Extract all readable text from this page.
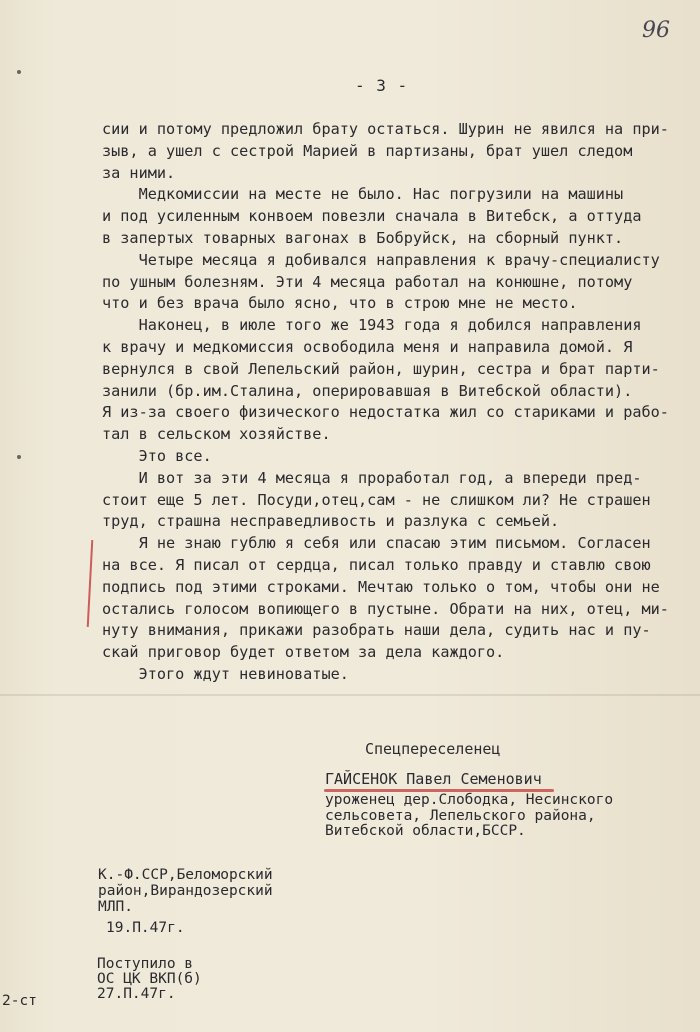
96
- 3 -
сии и потому предложил брату остаться. Шурин не явился на при-
зыв, а ушел с сестрой Марией в партизаны, брат ушел следом
за ними.
Медкомиссии на месте не было. Нас погрузили на машины
и под усиленным конвоем повезли сначала в Витебск, а оттуда
в запертых товарных вагонах в Бобруйск, на сборный пункт.
Четыре месяца я добивался направления к врачу-специалисту
по ушным болезням. Эти 4 месяца работал на конюшне, потому
что и без врача было ясно, что в строю мне не место.
Наконец, в июле того же 1943 года я добился направления
к врачу и медкомиссия освободила меня и направила домой. Я
вернулся в свой Лепельский район, шурин, сестра и брат парти-
занили (бр.им.Сталина, оперировавшая в Витебской области).
Я из-за своего физического недостатка жил со стариками и рабо-
тал в сельском хозяйстве.
Это все.
И вот за эти 4 месяца я проработал год, а впереди пред-
стоит еще 5 лет. Посуди,отец,сам - не слишком ли? Не страшен
труд, страшна несправедливость и разлука с семьей.
Я не знаю гублю я себя или спасаю этим письмом. Согласен
на все. Я писал от сердца, писал только правду и ставлю свою
подпись под этими строками. Мечтаю только о том, чтобы они не
остались голосом вопиющего в пустыне. Обрати на них, отец, ми-
нуту внимания, прикажи разобрать наши дела, судить нас и пу-
скай приговор будет ответом за дела каждого.
Этого ждут невиноватые.
Спецпереселенец
ГАЙСЕНОК Павел Семенович
уроженец дер.Слободка, Несинского
сельсовета, Лепельского района,
Витебской области,БССР.
К.-Ф.ССР,Беломорский
район,Вирандозерский
МЛП.
19.П.47г.
Поступило в
ОС ЦК ВКП(б)
27.П.47г.
2-ст
